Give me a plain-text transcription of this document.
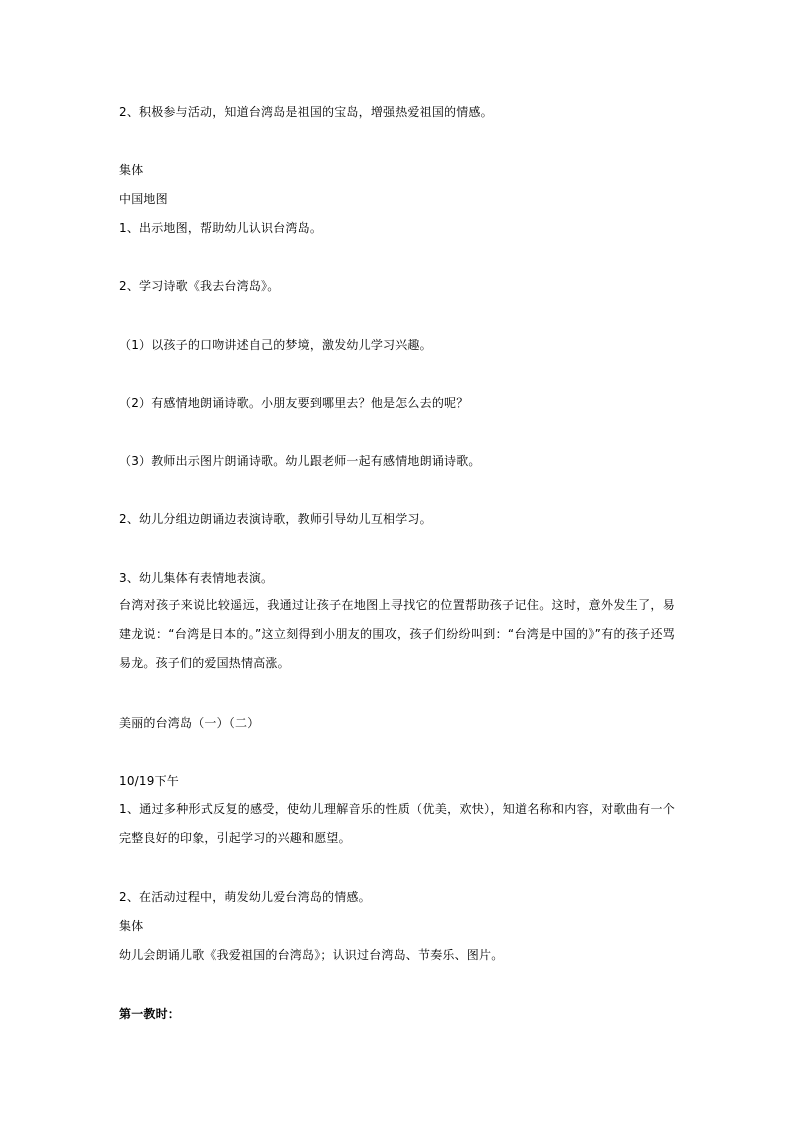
2、积极参与活动，知道台湾岛是祖国的宝岛，增强热爱祖国的情感。
集体
中国地图
1、出示地图，帮助幼儿认识台湾岛。
2、学习诗歌《我去台湾岛》。
（1）以孩子的口吻讲述自己的梦境，激发幼儿学习兴趣。
（2）有感情地朗诵诗歌。小朋友要到哪里去？他是怎么去的呢？
（3）教师出示图片朗诵诗歌。幼儿跟老师一起有感情地朗诵诗歌。
2、幼儿分组边朗诵边表演诗歌，教师引导幼儿互相学习。
3、幼儿集体有表情地表演。
台湾对孩子来说比较遥远，我通过让孩子在地图上寻找它的位置帮助孩子记住。这时，意外发生了，易建龙说：“台湾是日本的。”这立刻得到小朋友的围攻，孩子们纷纷叫到：“台湾是中国的》”有的孩子还骂易龙。孩子们的爱国热情高涨。
美丽的台湾岛（一）（二）
10/19下午
1、通过多种形式反复的感受，使幼儿理解音乐的性质（优美，欢快），知道名称和内容，对歌曲有一个完整良好的印象，引起学习的兴趣和愿望。
2、在活动过程中，萌发幼儿爱台湾岛的情感。
集体
幼儿会朗诵儿歌《我爱祖国的台湾岛》；认识过台湾岛、节奏乐、图片。
第一教时：
